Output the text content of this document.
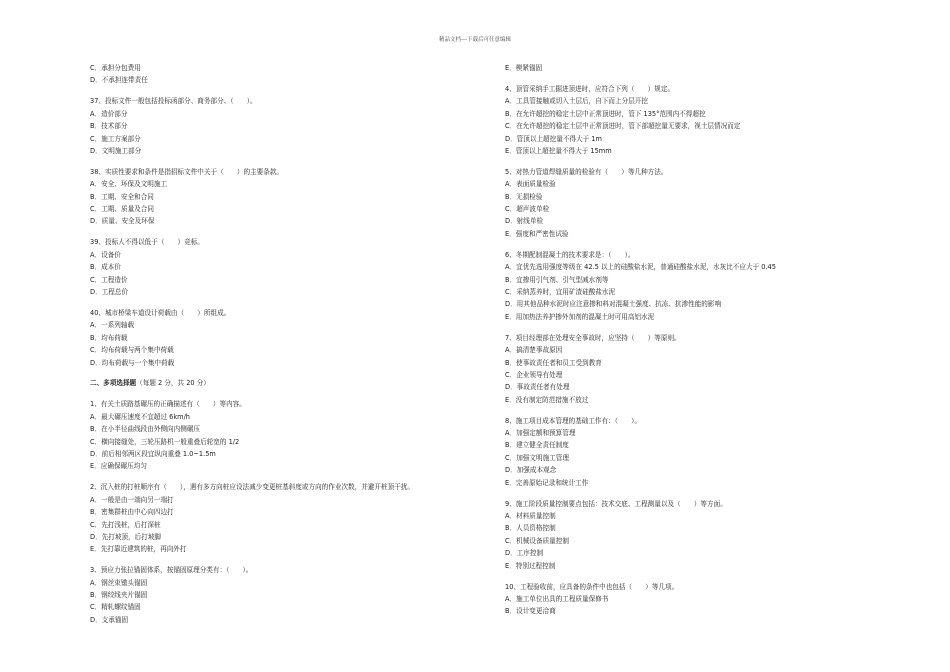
精品文档---下载后可任意编辑
C．承担分包费用
D．不承担连带责任
37、投标文件一般包括投标函部分、商务部分、（　　）。
A．造价部分
B．技术部分
C．施工方案部分
D．文明施工部分
38、实质性要求和条件是指招标文件中关于（　　）的主要条款。
A．安全、环保及文明施工
B．工期、安全和合同
C．工期、质量及合同
D．质量、安全及环保
39、投标人不得以低于（　　）竞标。
A．设备价
B．成本价
C．工程造价
D．工程总价
40、城市桥梁车道设计荷载由（　　）所组成。
A．一系列轴载
B．均布荷载
C．均布荷载与两个集中荷载
D．均布荷载与一个集中荷载
二、多项选择题（每题 2 分，共 20 分）
1、有关土质路基碾压的正确描述有（　　）等内容。
A．最大碾压速度不宜超过 6km/h
B．在小半径曲线段由外侧向内侧碾压
C．横向接缝处，三轮压路机一般重叠后轮宽的 1/2
D．前后相邻两区段宜纵向重叠 1.0~1.5m
E．应确保碾压均匀
2、沉入桩的打桩顺序有（　　），遇有多方向桩应设法减少变更桩基斜度或方向的作业次数，并避开桩顶干扰。
A．一般是由一端向另一端打
B．密集群桩由中心向四边打
C．先打浅桩，后打深桩
D．先打坡顶，后打坡脚
E．先打靠近建筑的桩，再向外打
3、预应力张拉锚固体系，按锚固原理分类有：（　　）。
A．钢丝束镦头锚固
B．钢绞线夹片锚固
C．精轧螺纹锚固
D．支承锚固
E．楔紧锚固
4、顶管采纳手工掘进顶进时，应符合下列（　　）规定。
A．工具管接触或切入土层后，自下而上分层开挖
B．在允许超挖的稳定土层中正常顶进时，管下 135°范围内不得超挖
C．在允许超挖的稳定土层中正常顶进时，管下部超挖量无要求，视土层情况而定
D．管顶以上超挖量不得大于 1m
E．管顶以上超挖量不得大于 15mm
5、对热力管道焊缝质量的检验有（　　）等几种方法。
A．表面质量检验
B．无损检验
C．超声波单检
D．射线单检
E．强度和严密性试验
6、冬期配制混凝土的技术要求是：（　　）。
A．宜优先选用强度等级在 42.5 以上的硅酸盐水泥，普通硅酸盐水泥，水灰比不应大于 0.45
B．宜掺用引气剂、引气型减水剂等
C．采纳蒸养时，宜用矿渣硅酸盐水泥
D．用其他品种水泥时应注意掺和料对混凝土强度、抗冻、抗渗性能的影响
E．用加热法养护掺外加剂的混凝土时可用高铝水泥
7、项目经理部在处理安全事故时，应坚持（　　）等原则。
A．搞清楚事故原因
B．使事故责任者和员工受到教育
C．企业领导有处理
D．事故责任者有处理
E．没有制定防范措施不放过
8、施工项目成本管理的基础工作有：（　　）。
A．加强定额和预算管理
B．建立健全责任制度
C．加强文明施工管理
D．加强成本观念
E．完善原始记录和统计工作
9、施工阶段质量控制要点包括：技术交底、工程测量以及（　　）等方面。
A．材料质量控制
B．人员资格控制
C．机械设备质量控制
D．工序控制
E．特别过程控制
10、工程验收前，应具备的条件中也包括（　　）等几项。
A．施工单位出具的工程质量保修书
B．设计变更洽商
